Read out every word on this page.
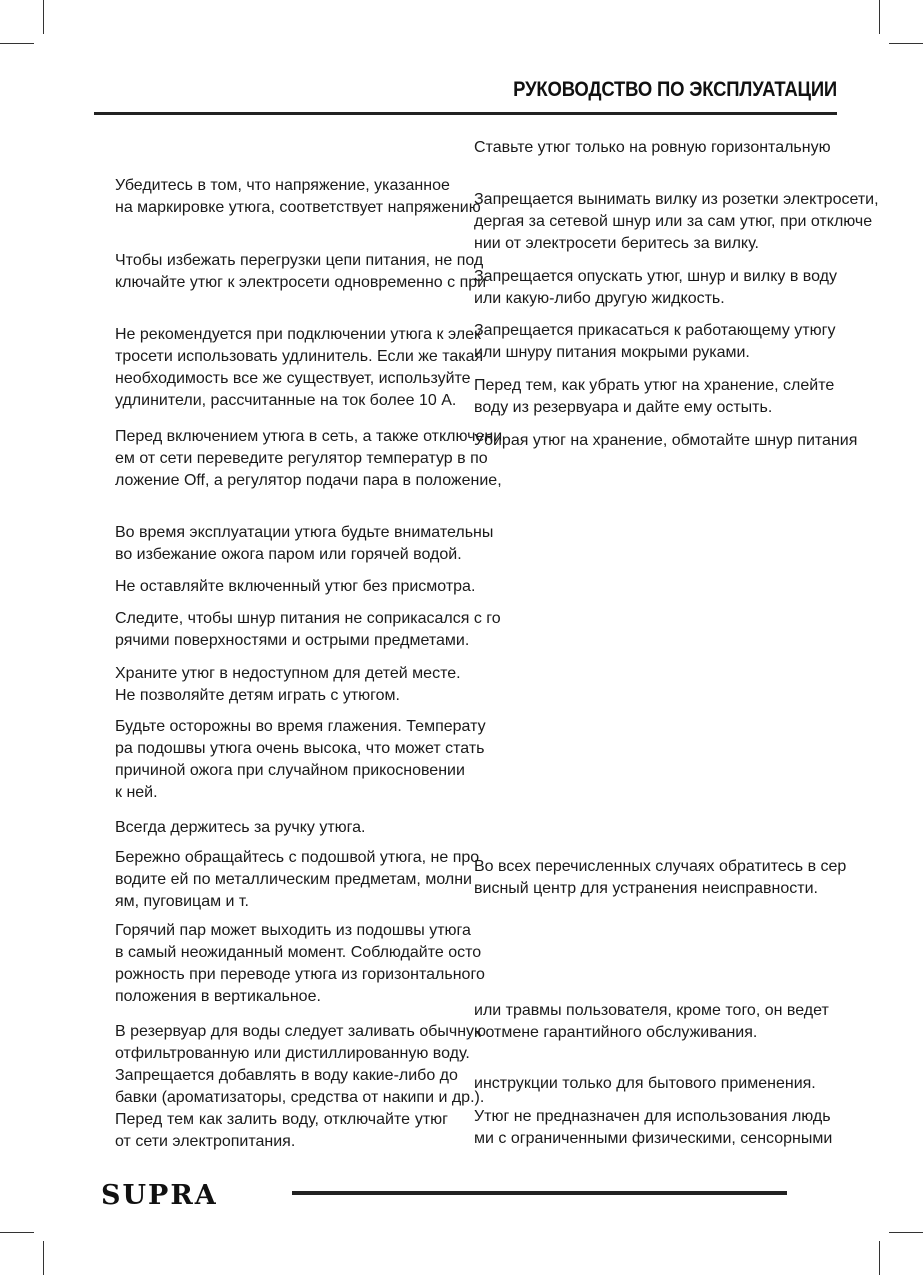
РУКОВОДСТВО ПО ЭКСПЛУАТАЦИИ
Убедитесь в том, что напряжение, указанное
на маркировке утюга, соответствует напряжению
Чтобы избежать перегрузки цепи питания, не под
ключайте утюг к электросети одновременно с при
Не рекомендуется при подключении утюга к элек
тросети использовать удлинитель. Если же такая
необходимость все же существует, используйте
удлинители, рассчитанные на ток более 10 А.
Перед включением утюга в сеть, а также отключени
ем от сети переведите регулятор температур в по
ложение Off, а регулятор подачи пара в положение,
Во время эксплуатации утюга будьте внимательны
во избежание ожога паром или горячей водой.
Не оставляйте включенный утюг без присмотра.
Следите, чтобы шнур питания не соприкасался с го
рячими поверхностями и острыми предметами.
Храните утюг в недоступном для детей месте.
Не позволяйте детям играть с утюгом.
Будьте осторожны во время глажения. Температу
ра подошвы утюга очень высока, что может стать
причиной ожога при случайном прикосновении
к ней.
Всегда держитесь за ручку утюга.
Бережно обращайтесь с подошвой утюга, не про
водите ей по металлическим предметам, молни
ям, пуговицам и т.
Горячий пар может выходить из подошвы утюга
в самый неожиданный момент. Соблюдайте осто
рожность при переводе утюга из горизонтального
положения в вертикальное.
В резервуар для воды следует заливать обычную
отфильтрованную или дистиллированную воду.
Запрещается добавлять в воду какие-либо до
бавки (ароматизаторы, средства от накипи и др.).
Перед тем как залить воду, отключайте утюг
от сети электропитания.
Ставьте утюг только на ровную горизонтальную
Запрещается вынимать вилку из розетки электросети,
дергая за сетевой шнур или за сам утюг, при отключе
нии от электросети беритесь за вилку.
Запрещается опускать утюг, шнур и вилку в воду
или какую-либо другую жидкость.
Запрещается прикасаться к работающему утюгу
или шнуру питания мокрыми руками.
Перед тем, как убрать утюг на хранение, слейте
воду из резервуара и дайте ему остыть.
Убирая утюг на хранение, обмотайте шнур питания
Во всех перечисленных случаях обратитесь в сер
висный центр для устранения неисправности.
или травмы пользователя, кроме того, он ведет
к отмене гарантийного обслуживания.
инструкции только для бытового применения.
Утюг не предназначен для использования людь
ми с ограниченными физическими, сенсорными
SUPRA
